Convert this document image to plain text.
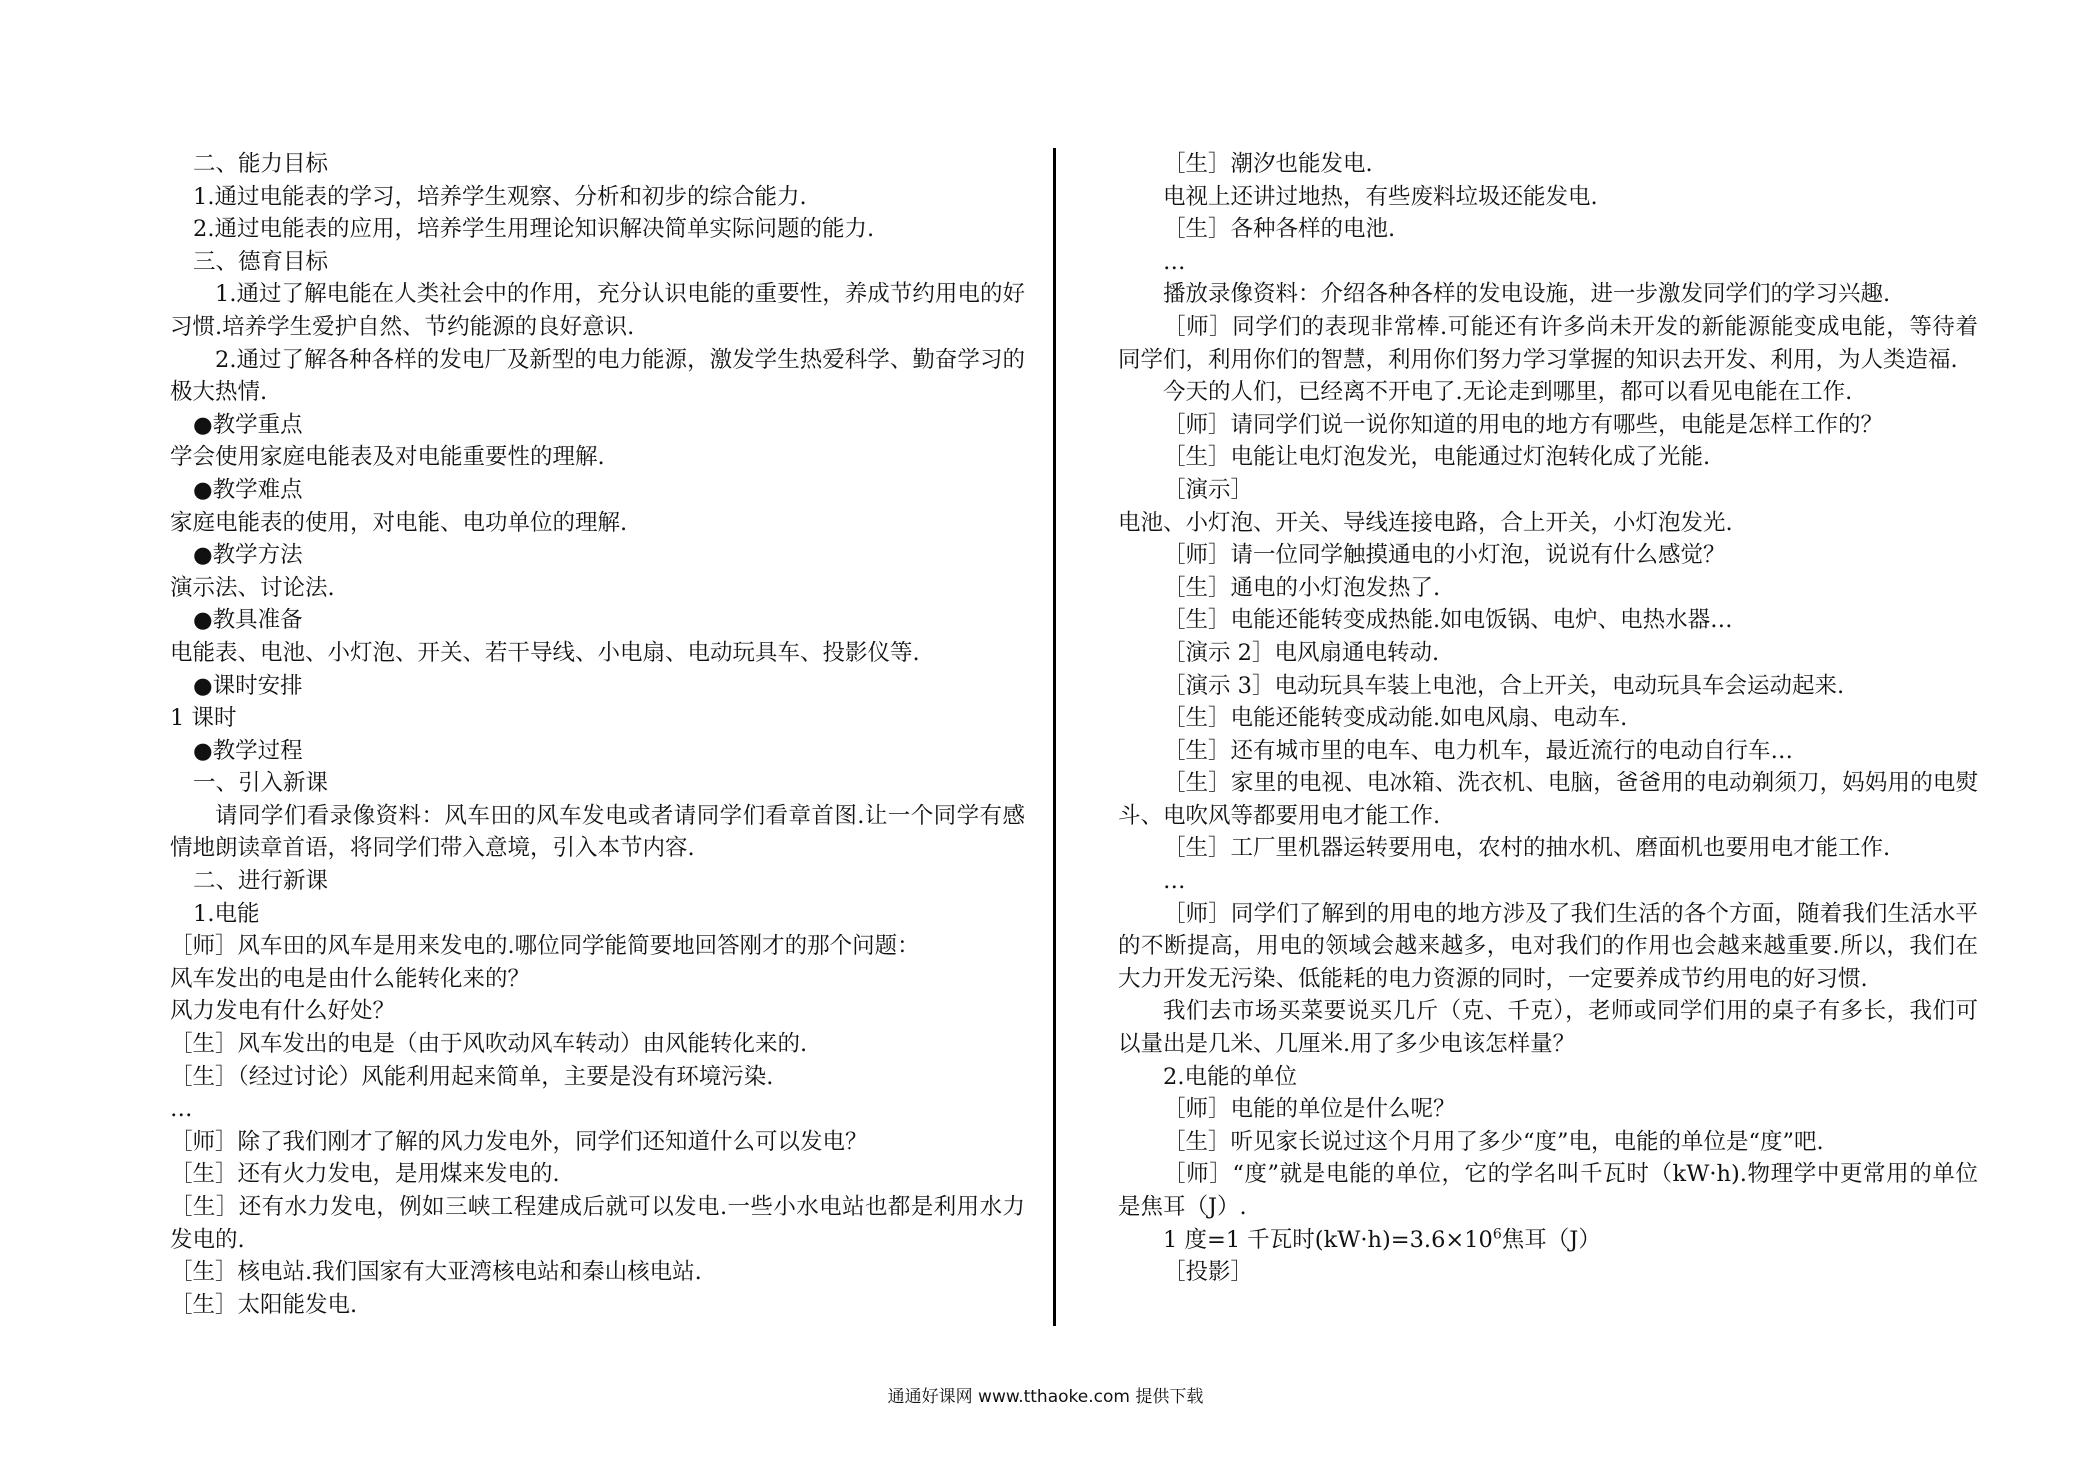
二、能力目标

1.通过电能表的学习，培养学生观察、分析和初步的综合能力.

2.通过电能表的应用，培养学生用理论知识解决简单实际问题的能力.

三、德育目标

1.通过了解电能在人类社会中的作用，充分认识电能的重要性，养成节约用电的好习惯.培养学生爱护自然、节约能源的良好意识.

2.通过了解各种各样的发电厂及新型的电力能源，激发学生热爱科学、勤奋学习的极大热情.

●教学重点

学会使用家庭电能表及对电能重要性的理解.

●教学难点

家庭电能表的使用，对电能、电功单位的理解.

●教学方法

演示法、讨论法.

●教具准备

电能表、电池、小灯泡、开关、若干导线、小电扇、电动玩具车、投影仪等.

●课时安排

1 课时

●教学过程

一、引入新课

请同学们看录像资料：风车田的风车发电或者请同学们看章首图.让一个同学有感情地朗读章首语，将同学们带入意境，引入本节内容.

二、进行新课

1.电能

［师］风车田的风车是用来发电的.哪位同学能简要地回答刚才的那个问题：

风车发出的电是由什么能转化来的？

风力发电有什么好处？

［生］风车发出的电是（由于风吹动风车转动）由风能转化来的.

［生］（经过讨论）风能利用起来简单，主要是没有环境污染.

…

［师］除了我们刚才了解的风力发电外，同学们还知道什么可以发电？

［生］还有火力发电，是用煤来发电的.

［生］还有水力发电，例如三峡工程建成后就可以发电.一些小水电站也都是利用水力发电的.

［生］核电站.我们国家有大亚湾核电站和秦山核电站.

［生］太阳能发电.

［生］潮汐也能发电.

电视上还讲过地热，有些废料垃圾还能发电.

［生］各种各样的电池.

…

播放录像资料：介绍各种各样的发电设施，进一步激发同学们的学习兴趣.

［师］同学们的表现非常棒.可能还有许多尚未开发的新能源能变成电能，等待着同学们，利用你们的智慧，利用你们努力学习掌握的知识去开发、利用，为人类造福.

今天的人们，已经离不开电了.无论走到哪里，都可以看见电能在工作.

［师］请同学们说一说你知道的用电的地方有哪些，电能是怎样工作的？

［生］电能让电灯泡发光，电能通过灯泡转化成了光能.

［演示］

电池、小灯泡、开关、导线连接电路，合上开关，小灯泡发光.

［师］请一位同学触摸通电的小灯泡，说说有什么感觉？

［生］通电的小灯泡发热了.

［生］电能还能转变成热能.如电饭锅、电炉、电热水器…

［演示 2］电风扇通电转动.

［演示 3］电动玩具车装上电池，合上开关，电动玩具车会运动起来.

［生］电能还能转变成动能.如电风扇、电动车.

［生］还有城市里的电车、电力机车，最近流行的电动自行车…

［生］家里的电视、电冰箱、洗衣机、电脑，爸爸用的电动剃须刀，妈妈用的电熨斗、电吹风等都要用电才能工作.

［生］工厂里机器运转要用电，农村的抽水机、磨面机也要用电才能工作.

…

［师］同学们了解到的用电的地方涉及了我们生活的各个方面，随着我们生活水平的不断提高，用电的领域会越来越多，电对我们的作用也会越来越重要.所以，我们在大力开发无污染、低能耗的电力资源的同时，一定要养成节约用电的好习惯.

我们去市场买菜要说买几斤（克、千克），老师或同学们用的桌子有多长，我们可以量出是几米、几厘米.用了多少电该怎样量？

2.电能的单位

［师］电能的单位是什么呢？

［生］听见家长说过这个月用了多少“度”电，电能的单位是“度”吧.

［师］“度”就是电能的单位，它的学名叫千瓦时（kW·h).物理学中更常用的单位是焦耳（J）.

1 度=1 千瓦时$(kW\cdot h)=3.6\times 10^6$焦耳（J）

［投影］

通通好课网 www.tthaoke.com 提供下载
